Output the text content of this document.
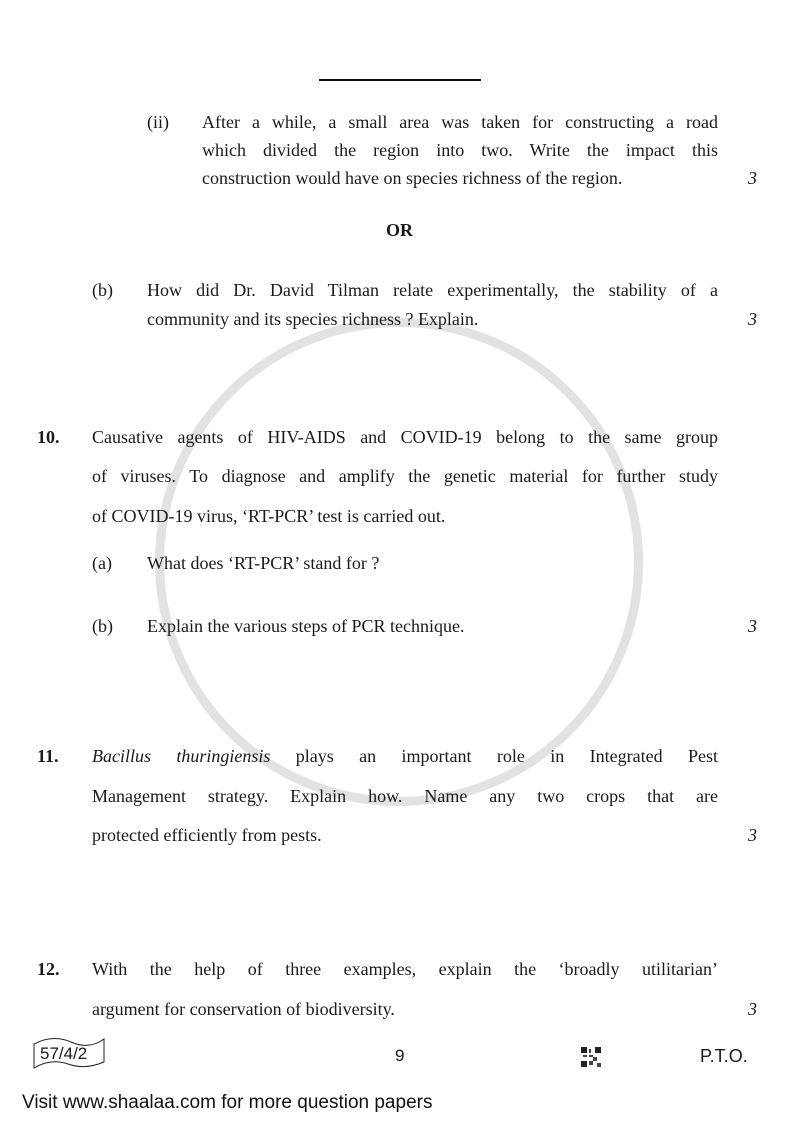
(ii) After a while, a small area was taken for constructing a road
which divided the region into two. Write the impact this
construction would have on species richness of the region.	3
OR
(b) How did Dr. David Tilman relate experimentally, the stability of a
community and its species richness ? Explain.	3
10. Causative agents of HIV-AIDS and COVID-19 belong to the same group
of viruses. To diagnose and amplify the genetic material for further study
of COVID-19 virus, ‘RT-PCR’ test is carried out.
(a) What does ‘RT-PCR’ stand for ?
(b) Explain the various steps of PCR technique.	3
11. Bacillus thuringiensis plays an important role in Integrated Pest
Management strategy. Explain how. Name any two crops that are
protected efficiently from pests.	3
12. With the help of three examples, explain the ‘broadly utilitarian’
argument for conservation of biodiversity.	3
57/4/2	9	P.T.O.
Visit www.shaalaa.com for more question papers
